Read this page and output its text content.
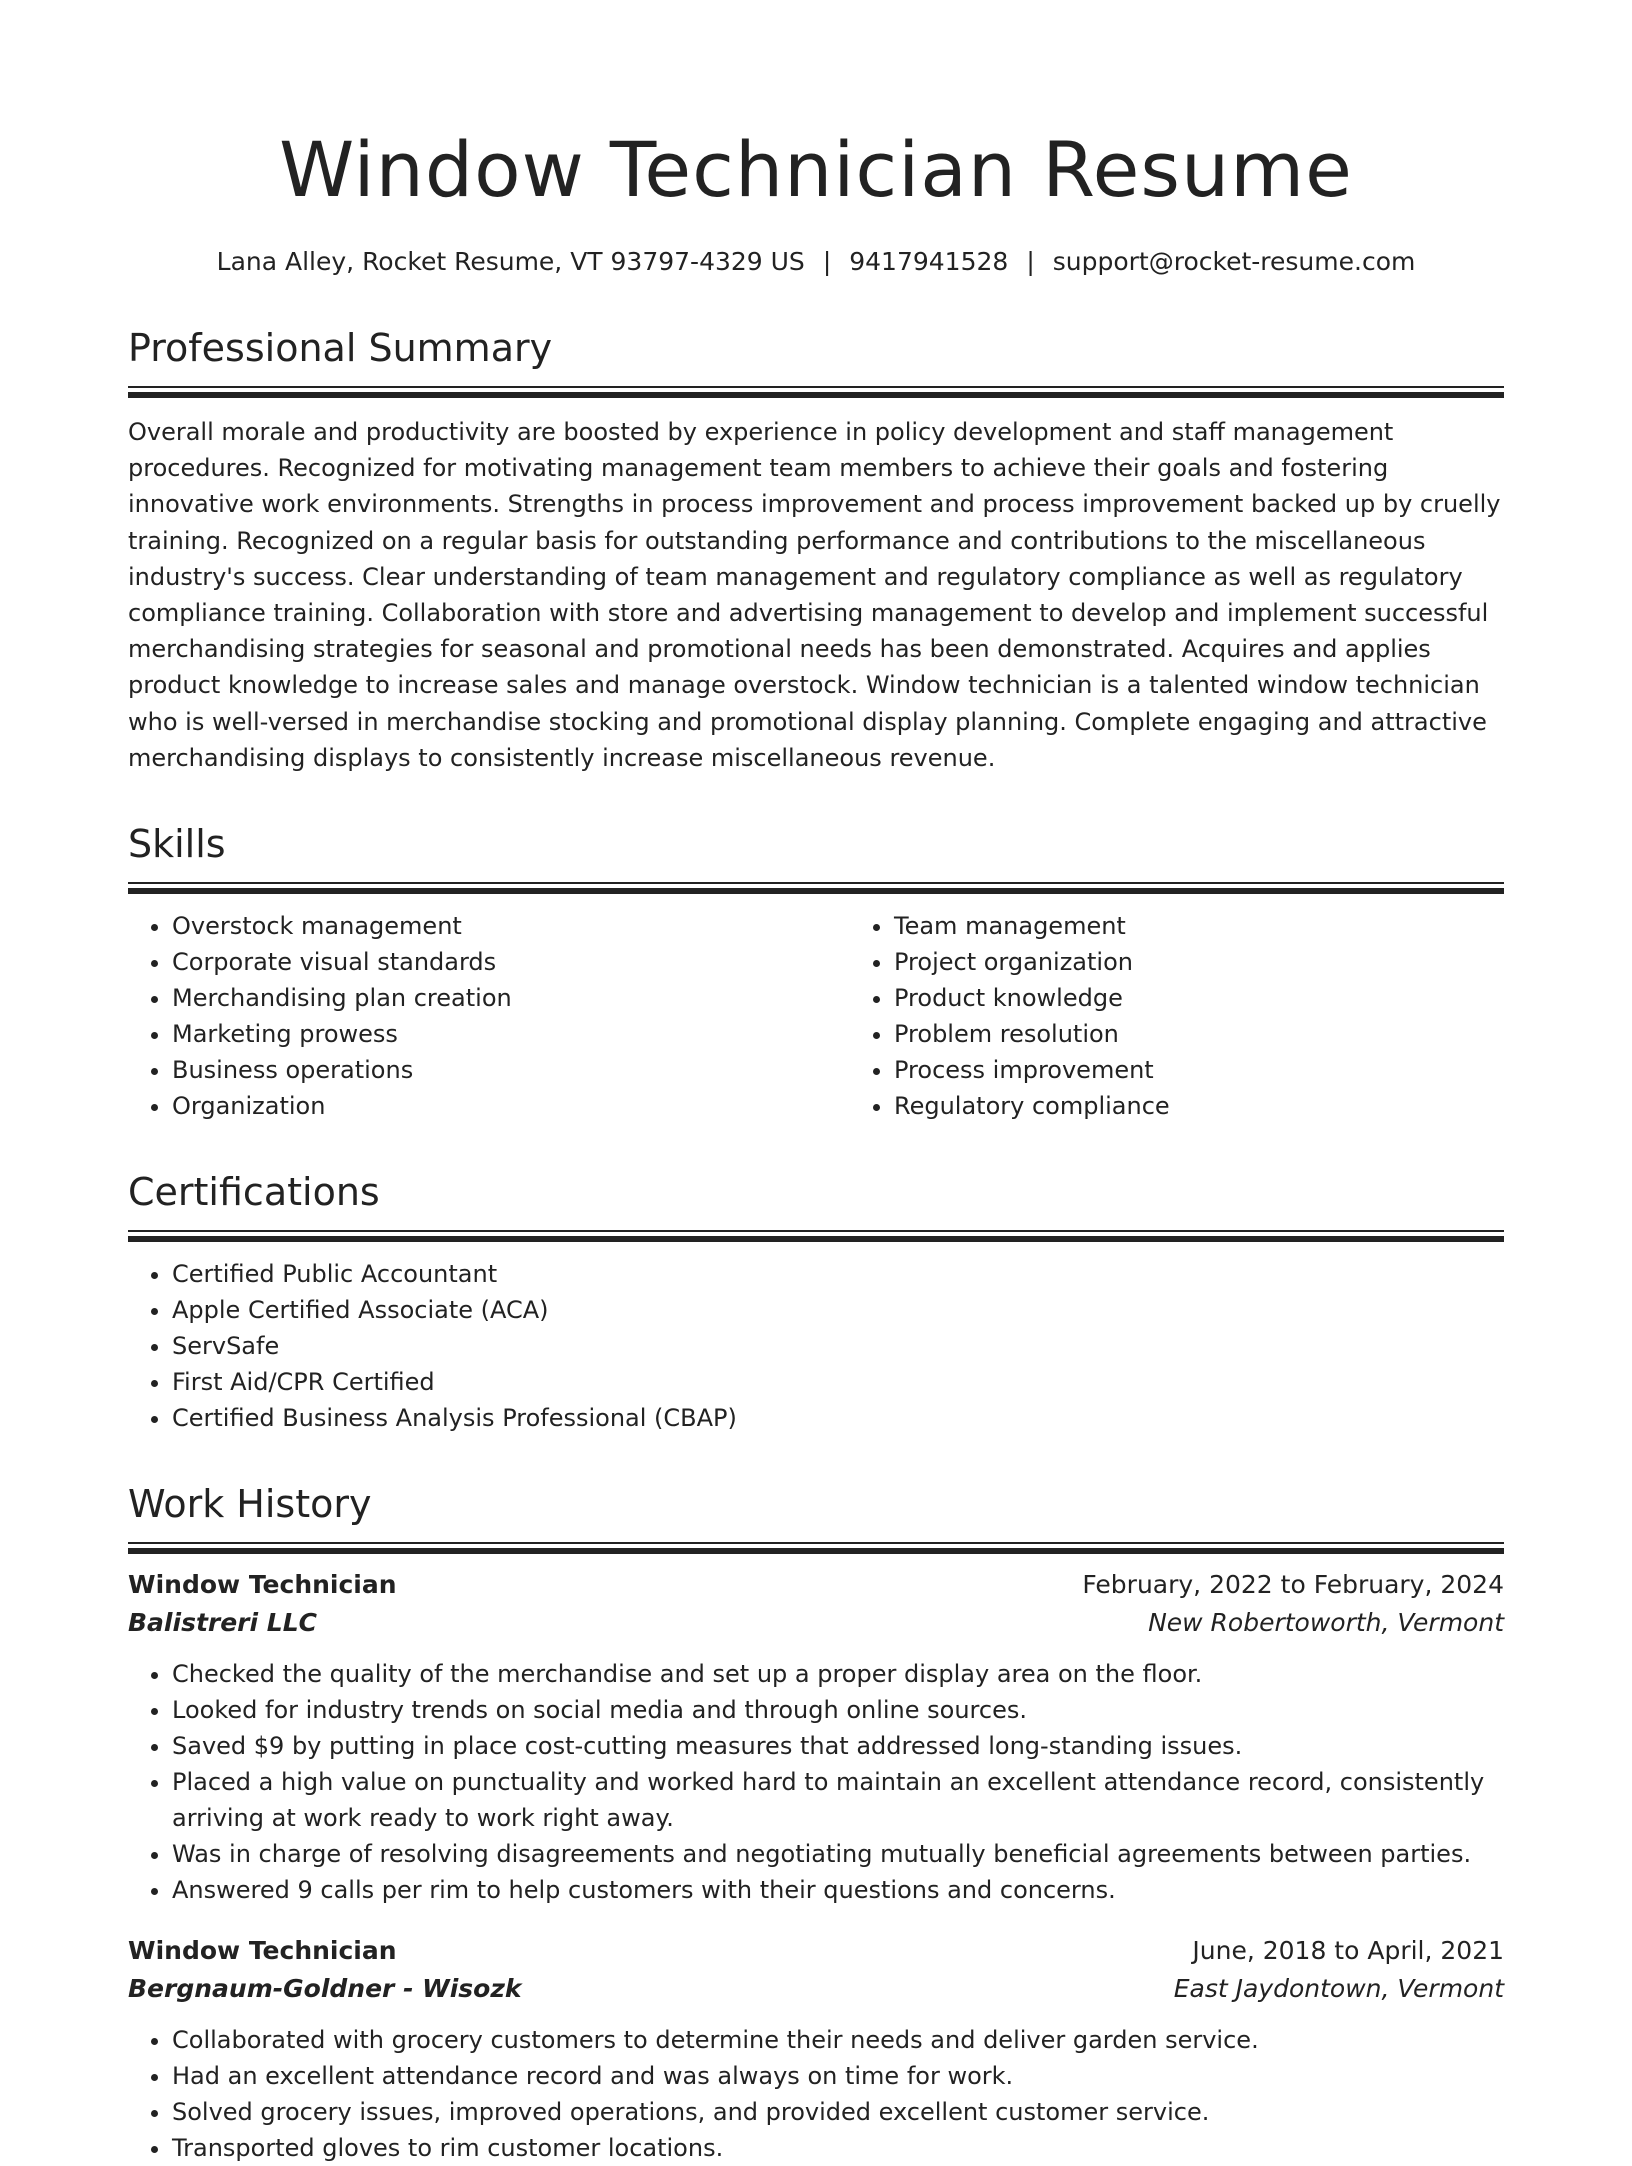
Window Technician Resume
Lana Alley, Rocket Resume, VT 93797-4329 US | 9417941528 | support@rocket-resume.com
Professional Summary

Overall morale and productivity are boosted by experience in policy development and staff management procedures. Recognized for motivating management team members to achieve their goals and fostering innovative work environments. Strengths in process improvement and process improvement backed up by cruelly training. Recognized on a regular basis for outstanding performance and contributions to the miscellaneous industry's success. Clear understanding of team management and regulatory compliance as well as regulatory compliance training. Collaboration with store and advertising management to develop and implement successful merchandising strategies for seasonal and promotional needs has been demonstrated. Acquires and applies product knowledge to increase sales and manage overstock. Window technician is a talented window technician who is well-versed in merchandise stocking and promotional display planning. Complete engaging and attractive merchandising displays to consistently increase miscellaneous revenue.

Skills
• Overstock management
• Corporate visual standards
• Merchandising plan creation
• Marketing prowess
• Business operations
• Organization
• Team management
• Project organization
• Product knowledge
• Problem resolution
• Process improvement
• Regulatory compliance
Certifications
• Certified Public Accountant
• Apple Certified Associate (ACA)
• ServSafe
• First Aid/CPR Certified
• Certified Business Analysis Professional (CBAP)
Work History
Window Technician	February, 2022 to February, 2024
Balistreri LLC	New Robertoworth, Vermont
• Checked the quality of the merchandise and set up a proper display area on the floor.
• Looked for industry trends on social media and through online sources.
• Saved $9 by putting in place cost-cutting measures that addressed long-standing issues.
• Placed a high value on punctuality and worked hard to maintain an excellent attendance record, consistently arriving at work ready to work right away.
• Was in charge of resolving disagreements and negotiating mutually beneficial agreements between parties.
• Answered 9 calls per rim to help customers with their questions and concerns.
Window Technician	June, 2018 to April, 2021
Bergnaum-Goldner - Wisozk	East Jaydontown, Vermont
• Collaborated with grocery customers to determine their needs and deliver garden service.
• Had an excellent attendance record and was always on time for work.
• Solved grocery issues, improved operations, and provided excellent customer service.
• Transported gloves to rim customer locations.
